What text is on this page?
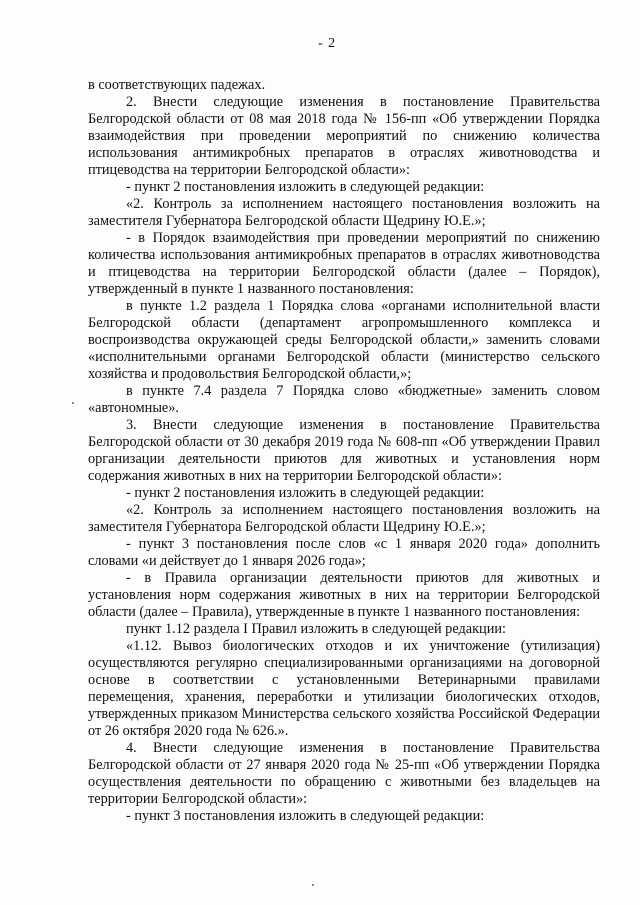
- 2

в соответствующих падежах.

2. Внести следующие изменения в постановление Правительства Белгородской области от 08 мая 2018 года № 156-пп «Об утверждении Порядка взаимодействия при проведении мероприятий по снижению количества использования антимикробных препаратов в отраслях животноводства и птицеводства на территории Белгородской области»:

- пункт 2 постановления изложить в следующей редакции:

«2. Контроль за исполнением настоящего постановления возложить на заместителя Губернатора Белгородской области Щедрину Ю.Е.»;

- в Порядок взаимодействия при проведении мероприятий по снижению количества использования антимикробных препаратов в отраслях животноводства и птицеводства на территории Белгородской области (далее – Порядок), утвержденный в пункте 1 названного постановления:

в пункте 1.2 раздела 1 Порядка слова «органами исполнительной власти Белгородской области (департамент агропромышленного комплекса и воспроизводства окружающей среды Белгородской области,» заменить словами «исполнительными органами Белгородской области (министерство сельского хозяйства и продовольствия Белгородской области,»;

в пункте 7.4 раздела 7 Порядка слово «бюджетные» заменить словом «автономные».

3. Внести следующие изменения в постановление Правительства Белгородской области от 30 декабря 2019 года № 608-пп «Об утверждении Правил организации деятельности приютов для животных и установления норм содержания животных в них на территории Белгородской области»:

- пункт 2 постановления изложить в следующей редакции:

«2. Контроль за исполнением настоящего постановления возложить на заместителя Губернатора Белгородской области Щедрину Ю.Е.»;

- пункт 3 постановления после слов «с 1 января 2020 года» дополнить словами «и действует до 1 января 2026 года»;

- в Правила организации деятельности приютов для животных и установления норм содержания животных в них на территории Белгородской области (далее – Правила), утвержденные в пункте 1 названного постановления:

пункт 1.12 раздела I Правил изложить в следующей редакции:

«1.12. Вывоз биологических отходов и их уничтожение (утилизация) осуществляются регулярно специализированными организациями на договорной основе в соответствии с установленными Ветеринарными правилами перемещения, хранения, переработки и утилизации биологических отходов, утвержденных приказом Министерства сельского хозяйства Российской Федерации от 26 октября 2020 года № 626.».

4. Внести следующие изменения в постановление Правительства Белгородской области от 27 января 2020 года № 25-пп «Об утверждении Порядка осуществления деятельности по обращению с животными без владельцев на территории Белгородской области»:

- пункт 3 постановления изложить в следующей редакции:
